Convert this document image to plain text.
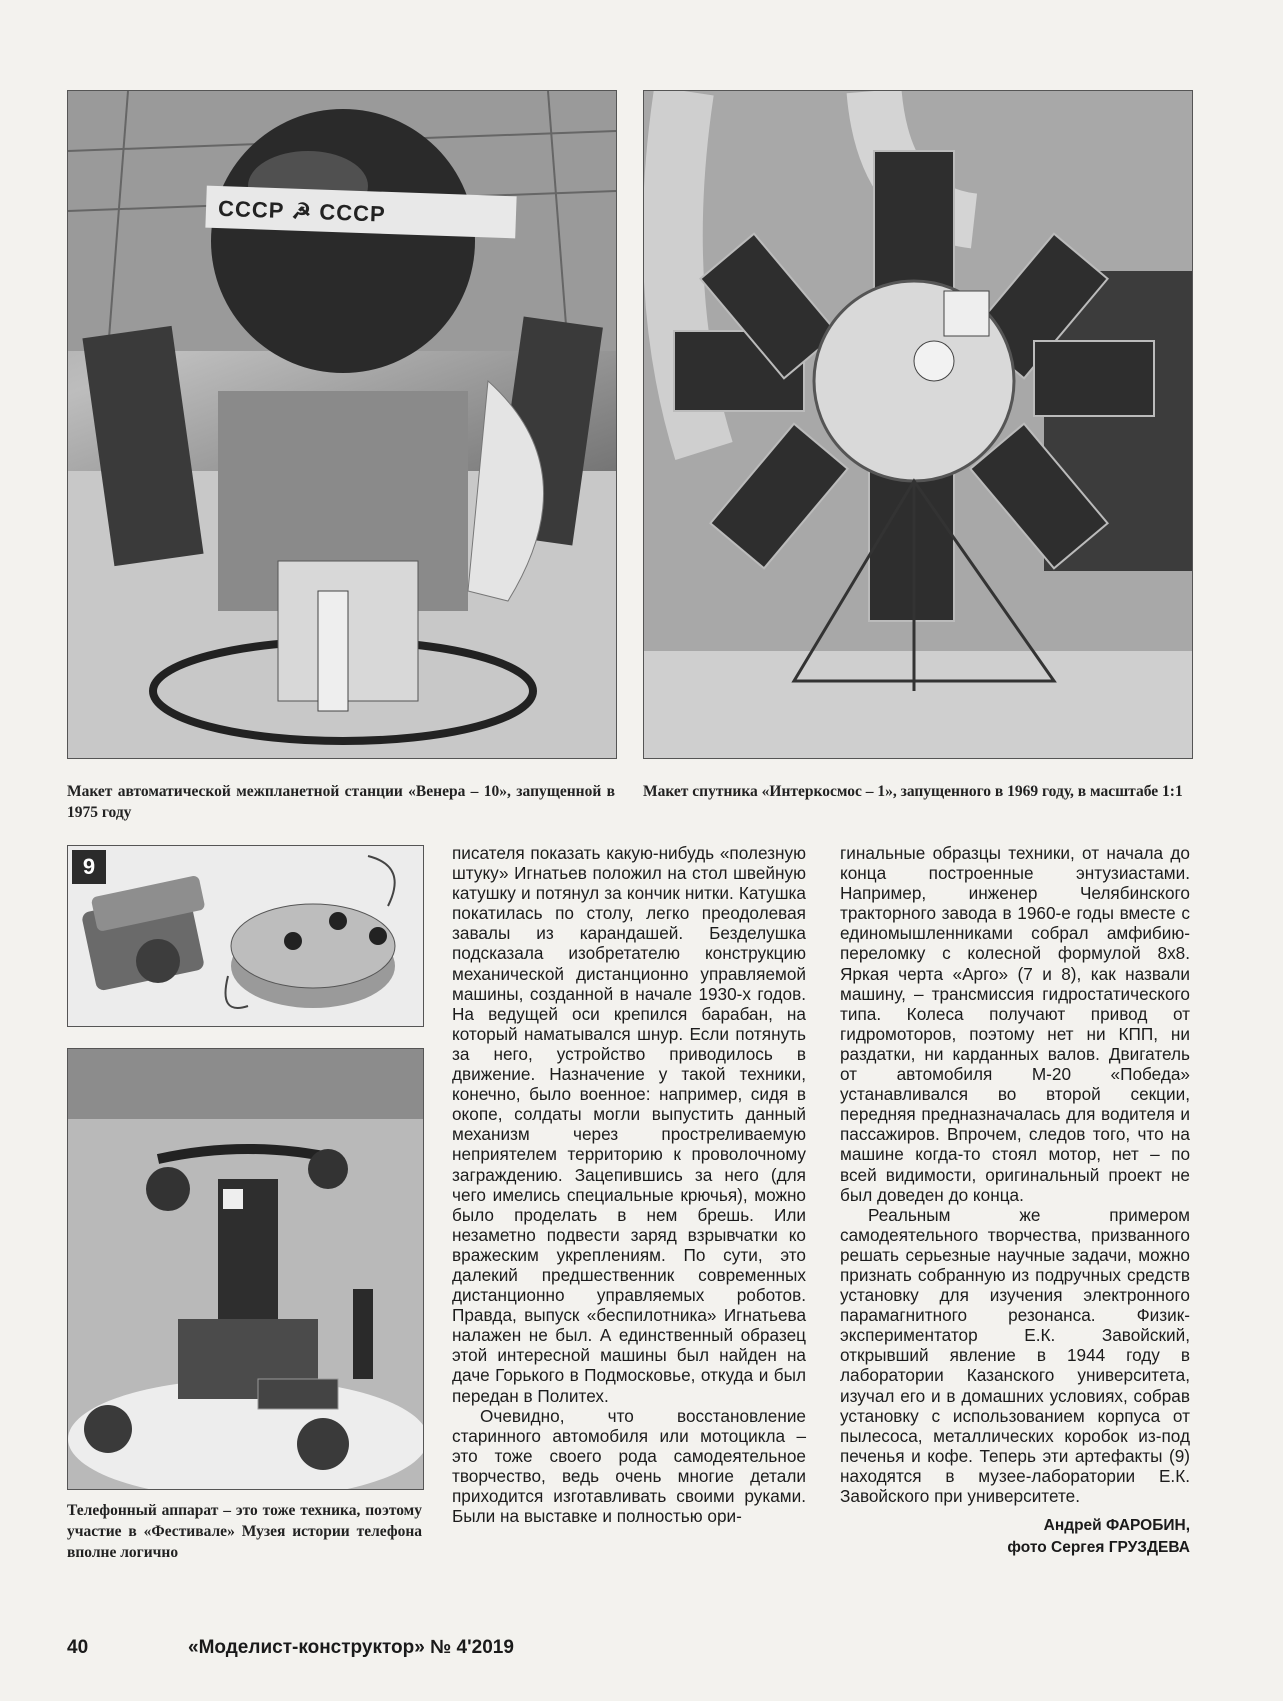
СССР ☭ СССР
Макет автоматической межпланетной станции «Венера – 10», запущенной в 1975 году
Макет спутника «Интеркосмос – 1», запущенного в 1969 году, в масштабе 1:1
9
Телефонный аппарат – это тоже техника, поэтому участие в «Фестивале» Музея истории телефона вполне логично

писателя показать какую-нибудь «полезную штуку» Игнатьев положил на стол швейную катушку и потянул за кончик нитки. Катушка покатилась по столу, легко преодолевая завалы из карандашей. Безделушка подсказала изобретателю конструкцию механической дистанционно управляемой машины, созданной в начале 1930-х годов. На ведущей оси крепился барабан, на который наматывался шнур. Если потянуть за него, устройство приводилось в движение. Назначение у такой техники, конечно, было военное: например, сидя в окопе, солдаты могли выпустить данный механизм через простреливаемую неприятелем территорию к проволочному заграждению. Зацепившись за него (для чего имелись специальные крючья), можно было проделать в нем брешь. Или незаметно подвести заряд взрывчатки ко вражеским укреплениям. По сути, это далекий предшественник современных дистанционно управляемых роботов. Правда, выпуск «беспилотника» Игнатьева налажен не был. А единственный образец этой интересной машины был найден на даче Горького в Подмосковье, откуда и был передан в Политех.

Очевидно, что восстановление старинного автомобиля или мотоцикла – это тоже своего рода самодеятельное творчество, ведь очень многие детали приходится изготавливать своими руками. Были на выставке и полностью ори-

гинальные образцы техники, от начала до конца построенные энтузиастами. Например, инженер Челябинского тракторного завода в 1960-е годы вместе с единомышленниками собрал амфибию-переломку с колесной формулой 8х8. Яркая черта «Арго» (7 и 8), как назвали машину, – трансмиссия гидростатического типа. Колеса получают привод от гидромоторов, поэтому нет ни КПП, ни раздатки, ни карданных валов. Двигатель от автомобиля М-20 «Победа» устанавливался во второй секции, передняя предназначалась для водителя и пассажиров. Впрочем, следов того, что на машине когда-то стоял мотор, нет – по всей видимости, оригинальный проект не был доведен до конца.

Реальным же примером самодеятельного творчества, призванного решать серьезные научные задачи, можно признать собранную из подручных средств установку для изучения электронного парамагнитного резонанса. Физик-экспериментатор Е.К. Завойский, открывший явление в 1944 году в лаборатории Казанского университета, изучал его и в домашних условиях, собрав установку с использованием корпуса от пылесоса, металлических коробок из-под печенья и кофе. Теперь эти артефакты (9) находятся в музее-лаборатории Е.К. Завойского при университете.

Андрей ФАРОБИН,
фото Сергея ГРУЗДЕВА
40	«Моделист-конструктор» № 4'2019
